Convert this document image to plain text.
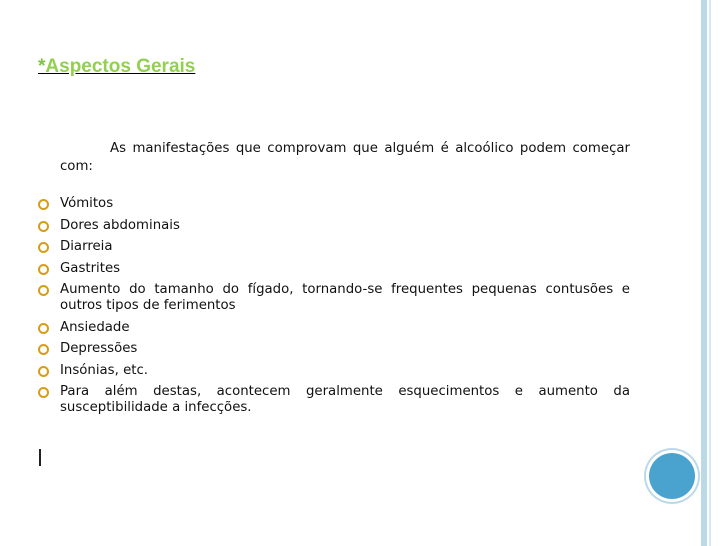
*Aspectos Gerais
As manifestações que comprovam que alguém é alcoólico podem começar com:
Vómitos
Dores abdominais
Diarreia
Gastrites
Aumento do tamanho do fígado, tornando-se frequentes pequenas contusões e outros tipos de ferimentos
Ansiedade
Depressões
Insónias, etc.
Para além destas, acontecem geralmente esquecimentos e aumento da susceptibilidade a infecções.
